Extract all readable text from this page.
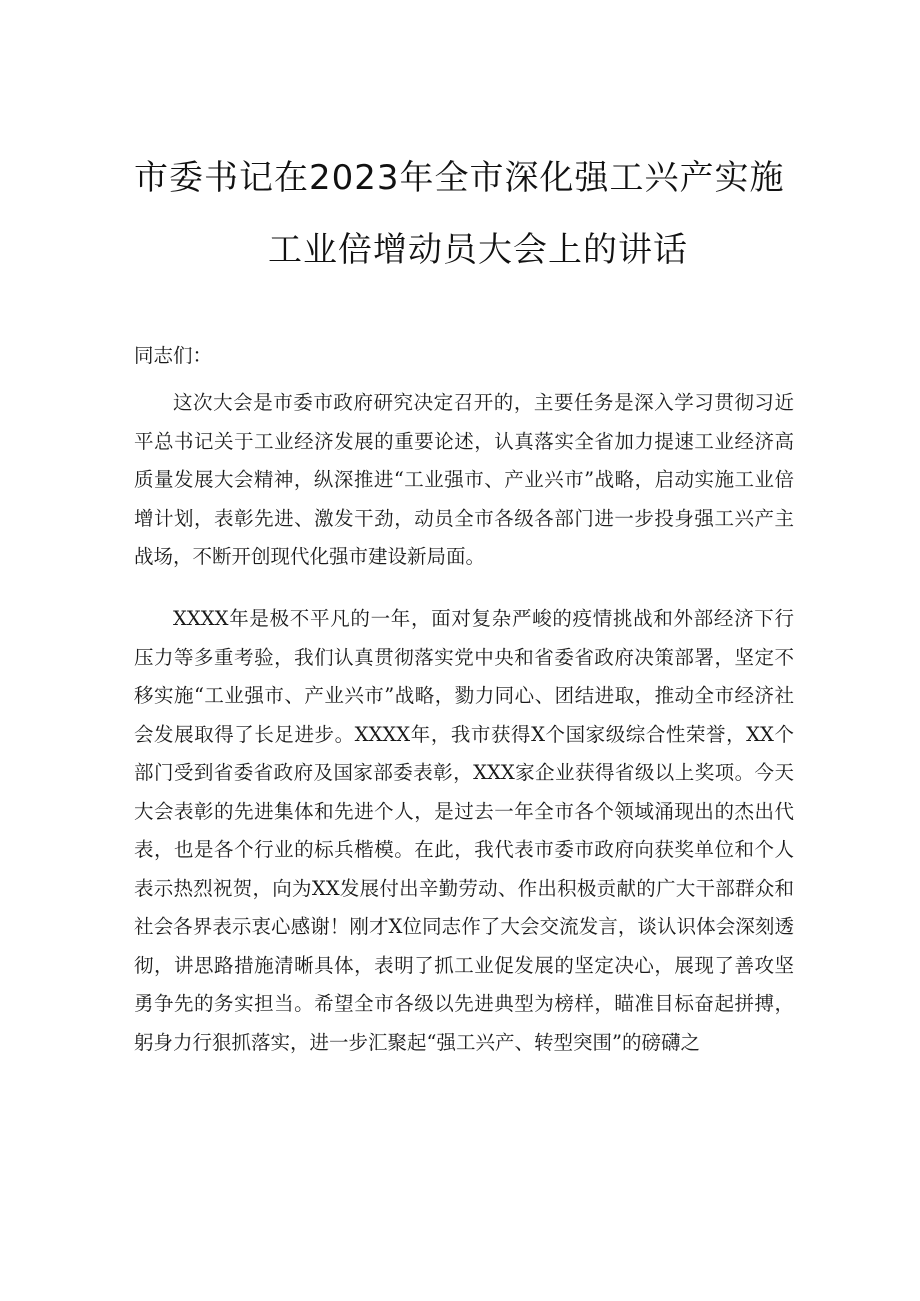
市委书记在2023年全市深化强工兴产实施
工业倍增动员大会上的讲话

同志们：

这次大会是市委市政府研究决定召开的，主要任务是深入学习贯彻习近平总书记关于工业经济发展的重要论述，认真落实全省加力提速工业经济高质量发展大会精神，纵深推进“工业强市、产业兴市”战略，启动实施工业倍增计划，表彰先进、激发干劲，动员全市各级各部门进一步投身强工兴产主战场，不断开创现代化强市建设新局面。

XXXX年是极不平凡的一年，面对复杂严峻的疫情挑战和外部经济下行压力等多重考验，我们认真贯彻落实党中央和省委省政府决策部署，坚定不移实施“工业强市、产业兴市”战略，勠力同心、团结进取，推动全市经济社会发展取得了长足进步。XXXX年，我市获得X个国家级综合性荣誉，XX个部门受到省委省政府及国家部委表彰，XXX家企业获得省级以上奖项。今天大会表彰的先进集体和先进个人，是过去一年全市各个领域涌现出的杰出代表，也是各个行业的标兵楷模。在此，我代表市委市政府向获奖单位和个人表示热烈祝贺，向为XX发展付出辛勤劳动、作出积极贡献的广大干部群众和社会各界表示衷心感谢！刚才X位同志作了大会交流发言，谈认识体会深刻透彻，讲思路措施清晰具体，表明了抓工业促发展的坚定决心，展现了善攻坚勇争先的务实担当。希望全市各级以先进典型为榜样，瞄准目标奋起拼搏，躬身力行狠抓落实，进一步汇聚起“强工兴产、转型突围”的磅礴之
